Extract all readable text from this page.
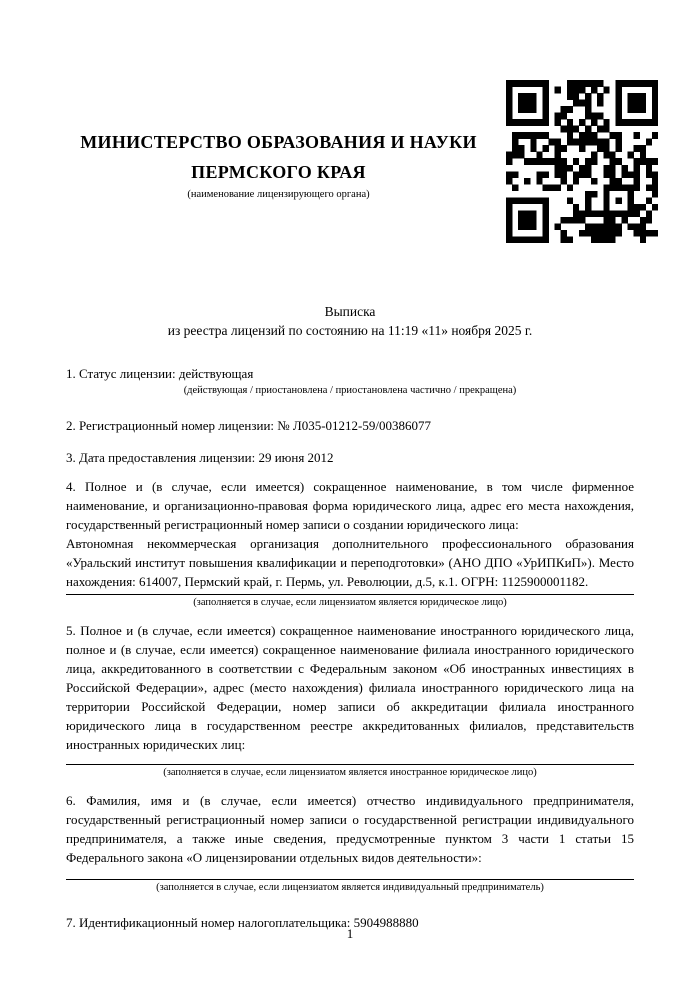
МИНИСТЕРСТВО ОБРАЗОВАНИЯ И НАУКИ ПЕРМСКОГО КРАЯ
(наименование лицензирующего органа)
Выписка
из реестра лицензий по состоянию на 11:19 «11» ноября 2025 г.
1. Статус лицензии: действующая
(действующая / приостановлена / приостановлена частично / прекращена)
2. Регистрационный номер лицензии: № Л035-01212-59/00386077
3. Дата предоставления лицензии: 29 июня 2012
4. Полное и (в случае, если имеется) сокращенное наименование, в том числе фирменное наименование, и организационно-правовая форма юридического лица, адрес его места нахождения, государственный регистрационный номер записи о создании юридического лица:
Автономная некоммерческая организация дополнительного профессионального образования «Уральский институт повышения квалификации и переподготовки» (АНО ДПО «УрИПКиП»). Место нахождения: 614007, Пермский край, г. Пермь, ул. Революции, д.5, к.1. ОГРН: 1125900001182.
(заполняется в случае, если лицензиатом является юридическое лицо)
5. Полное и (в случае, если имеется) сокращенное наименование иностранного юридического лица, полное и (в случае, если имеется) сокращенное наименование филиала иностранного юридического лица, аккредитованного в соответствии с Федеральным законом «Об иностранных инвестициях в Российской Федерации», адрес (место нахождения) филиала иностранного юридического лица на территории Российской Федерации, номер записи об аккредитации филиала иностранного юридического лица в государственном реестре аккредитованных филиалов, представительств иностранных юридических лиц:
(заполняется в случае, если лицензиатом является иностранное юридическое лицо)
6. Фамилия, имя и (в случае, если имеется) отчество индивидуального предпринимателя, государственный регистрационный номер записи о государственной регистрации индивидуального предпринимателя, а также иные сведения, предусмотренные пунктом 3 части 1 статьи 15 Федерального закона «О лицензировании отдельных видов деятельности»:
(заполняется в случае, если лицензиатом является индивидуальный предприниматель)
7. Идентификационный номер налогоплательщика: 5904988880
1
